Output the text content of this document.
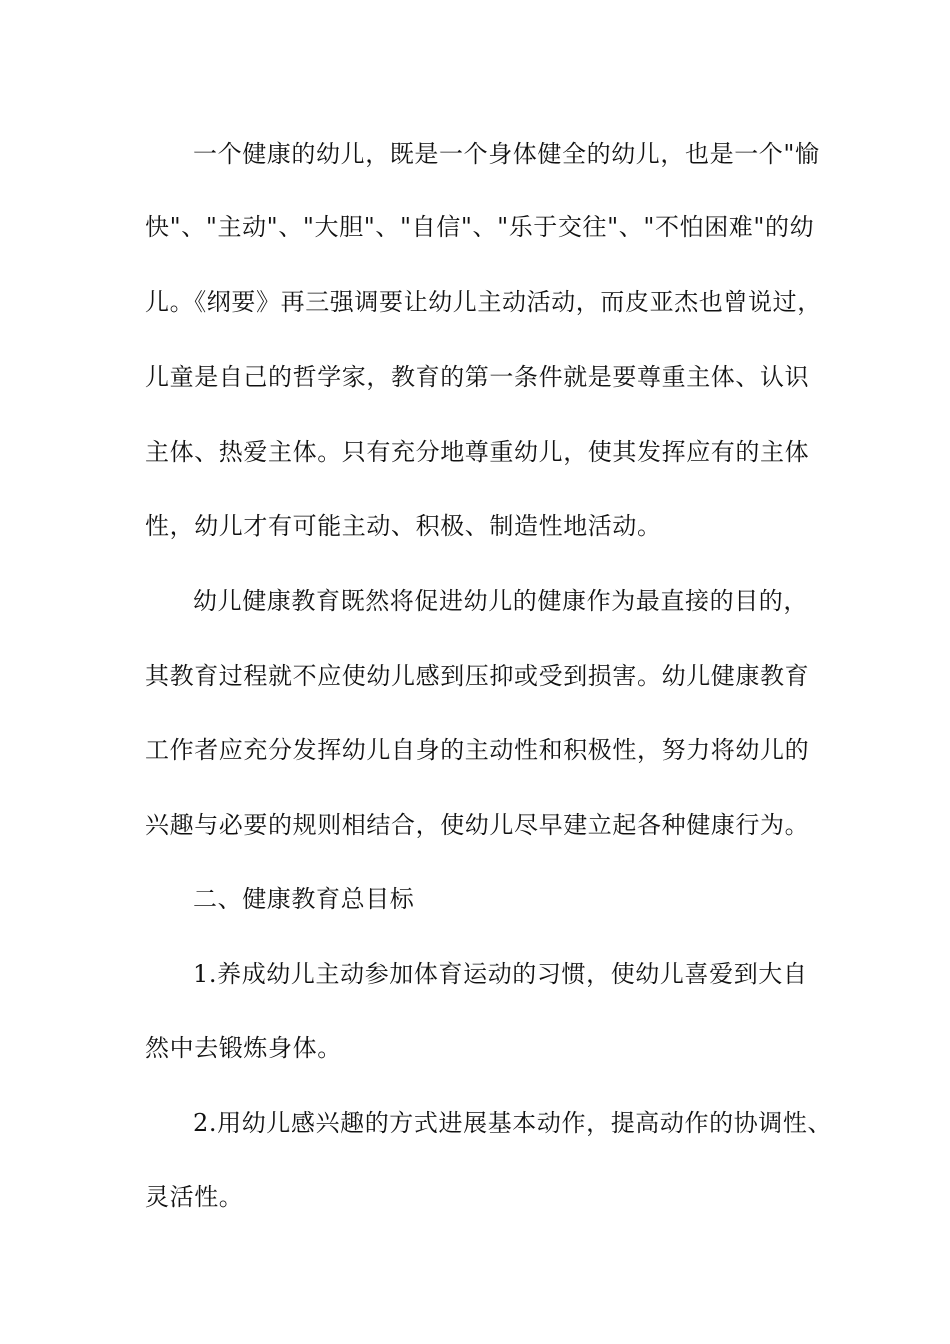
一个健康的幼儿，既是一个身体健全的幼儿，也是一个"愉
快"、"主动"、"大胆"、"自信"、"乐于交往"、"不怕困难"的幼
儿。《纲要》再三强调要让幼儿主动活动，而皮亚杰也曾说过，
儿童是自己的哲学家，教育的第一条件就是要尊重主体、认识
主体、热爱主体。只有充分地尊重幼儿，使其发挥应有的主体
性，幼儿才有可能主动、积极、制造性地活动。
幼儿健康教育既然将促进幼儿的健康作为最直接的目的，
其教育过程就不应使幼儿感到压抑或受到损害。幼儿健康教育
工作者应充分发挥幼儿自身的主动性和积极性，努力将幼儿的
兴趣与必要的规则相结合，使幼儿尽早建立起各种健康行为。
二、健康教育总目标
1.养成幼儿主动参加体育运动的习惯，使幼儿喜爱到大自
然中去锻炼身体。
2.用幼儿感兴趣的方式进展基本动作，提高动作的协调性、
灵活性。
